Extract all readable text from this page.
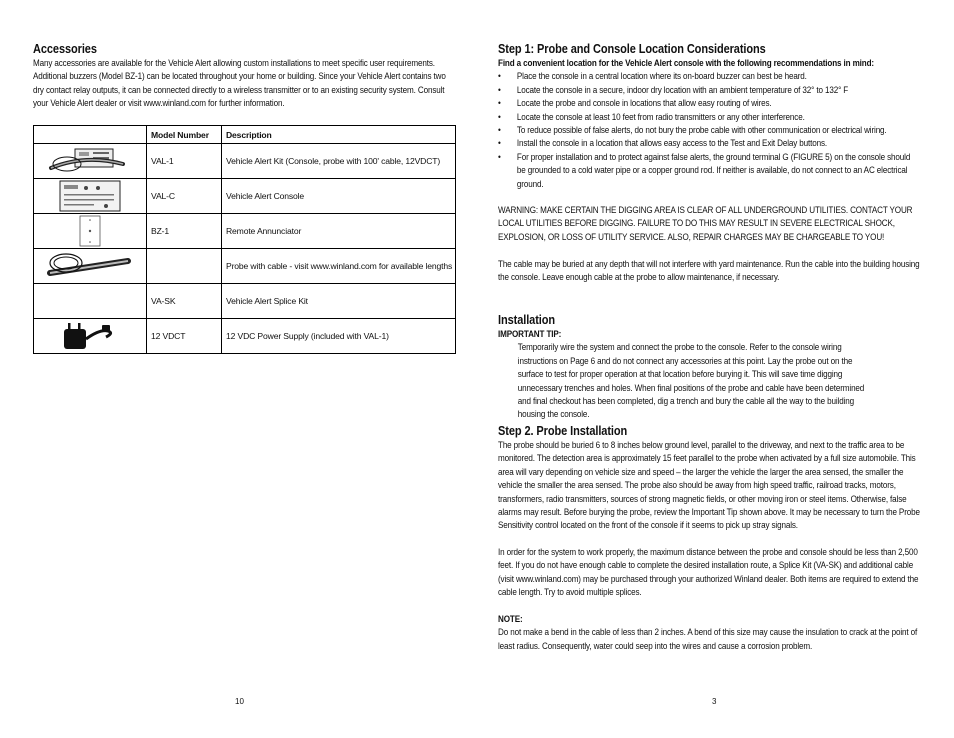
Accessories

Many accessories are available for the Vehicle Alert allowing custom installations to meet specific user requirements. Additional buzzers (Model BZ-1) can be located throughout your home or building. Since your Vehicle Alert contains two dry contact relay outputs, it can be connected directly to a wireless transmitter or to an existing security system. Consult your Vehicle Alert dealer or visit www.winland.com for further information.

	Model Number	Description

	VAL-1	Vehicle Alert Kit (Console, probe with 100' cable, 12VDCT)

	VAL-C	Vehicle Alert Console

	BZ-1	Remote Annunciator

		Probe with cable - visit www.winland.com for available lengths
	VA-SK	Vehicle Alert Splice Kit

	12 VDCT	12 VDC Power Supply (included with VAL-1)
10
Step 1: Probe and Console Location Considerations

Find a convenient location for the Vehicle Alert console with the following recommendations in mind:

• Place the console in a central location where its on-board buzzer can best be heard.
• Locate the console in a secure, indoor dry location with an ambient temperature of 32° to 132° F
• Locate the probe and console in locations that allow easy routing of wires.
• Locate the console at least 10 feet from radio transmitters or any other interference.
• To reduce possible of false alerts, do not bury the probe cable with other communication or electrical wiring.
• Install the console in a location that allows easy access to the Test and Exit Delay buttons.
• For proper installation and to protect against false alerts, the ground terminal G (FIGURE 5) on the console should be grounded to a cold water pipe or a copper ground rod. If neither is available, do not connect to an AC electrical ground.

WARNING: MAKE CERTAIN THE DIGGING AREA IS CLEAR OF ALL UNDERGROUND UTILITIES. CONTACT YOUR LOCAL UTILITIES BEFORE DIGGING. FAILURE TO DO THIS MAY RESULT IN SEVERE ELECTRICAL SHOCK, EXPLOSION, OR LOSS OF UTILITY SERVICE. ALSO, REPAIR CHARGES MAY BE CHARGEABLE TO YOU!

The cable may be buried at any depth that will not interfere with yard maintenance. Run the cable into the building housing the console. Leave enough cable at the probe to allow maintenance, if necessary.

Installation

IMPORTANT TIP:

Temporarily wire the system and connect the probe to the console. Refer to the console wiring instructions on Page 6 and do not connect any accessories at this point. Lay the probe out on the surface to test for proper operation at that location before burying it. This will save time digging unnecessary trenches and holes. When final positions of the probe and cable have been determined and final checkout has been completed, dig a trench and bury the cable all the way to the building housing the console.

Step 2. Probe Installation

The probe should be buried 6 to 8 inches below ground level, parallel to the driveway, and next to the traffic area to be monitored. The detection area is approximately 15 feet parallel to the probe when activated by a full size automobile. This area will vary depending on vehicle size and speed – the larger the vehicle the larger the area sensed, the smaller the vehicle the smaller the area sensed. The probe also should be away from high speed traffic, railroad tracks, motors, transformers, radio transmitters, sources of strong magnetic fields, or other moving iron or steel items. Otherwise, false alarms may result. Before burying the probe, review the Important Tip shown above. It may be necessary to turn the Probe Sensitivity control located on the front of the console if it seems to pick up stray signals.

In order for the system to work properly, the maximum distance between the probe and console should be less than 2,500 feet. If you do not have enough cable to complete the desired installation route, a Splice Kit (VA-SK) and additional cable (visit www.winland.com) may be purchased through your authorized Winland dealer. Both items are required to extend the cable length. Try to avoid multiple splices.

NOTE:

Do not make a bend in the cable of less than 2 inches. A bend of this size may cause the insulation to crack at the point of least radius. Consequently, water could seep into the wires and cause a corrosion problem.

3
